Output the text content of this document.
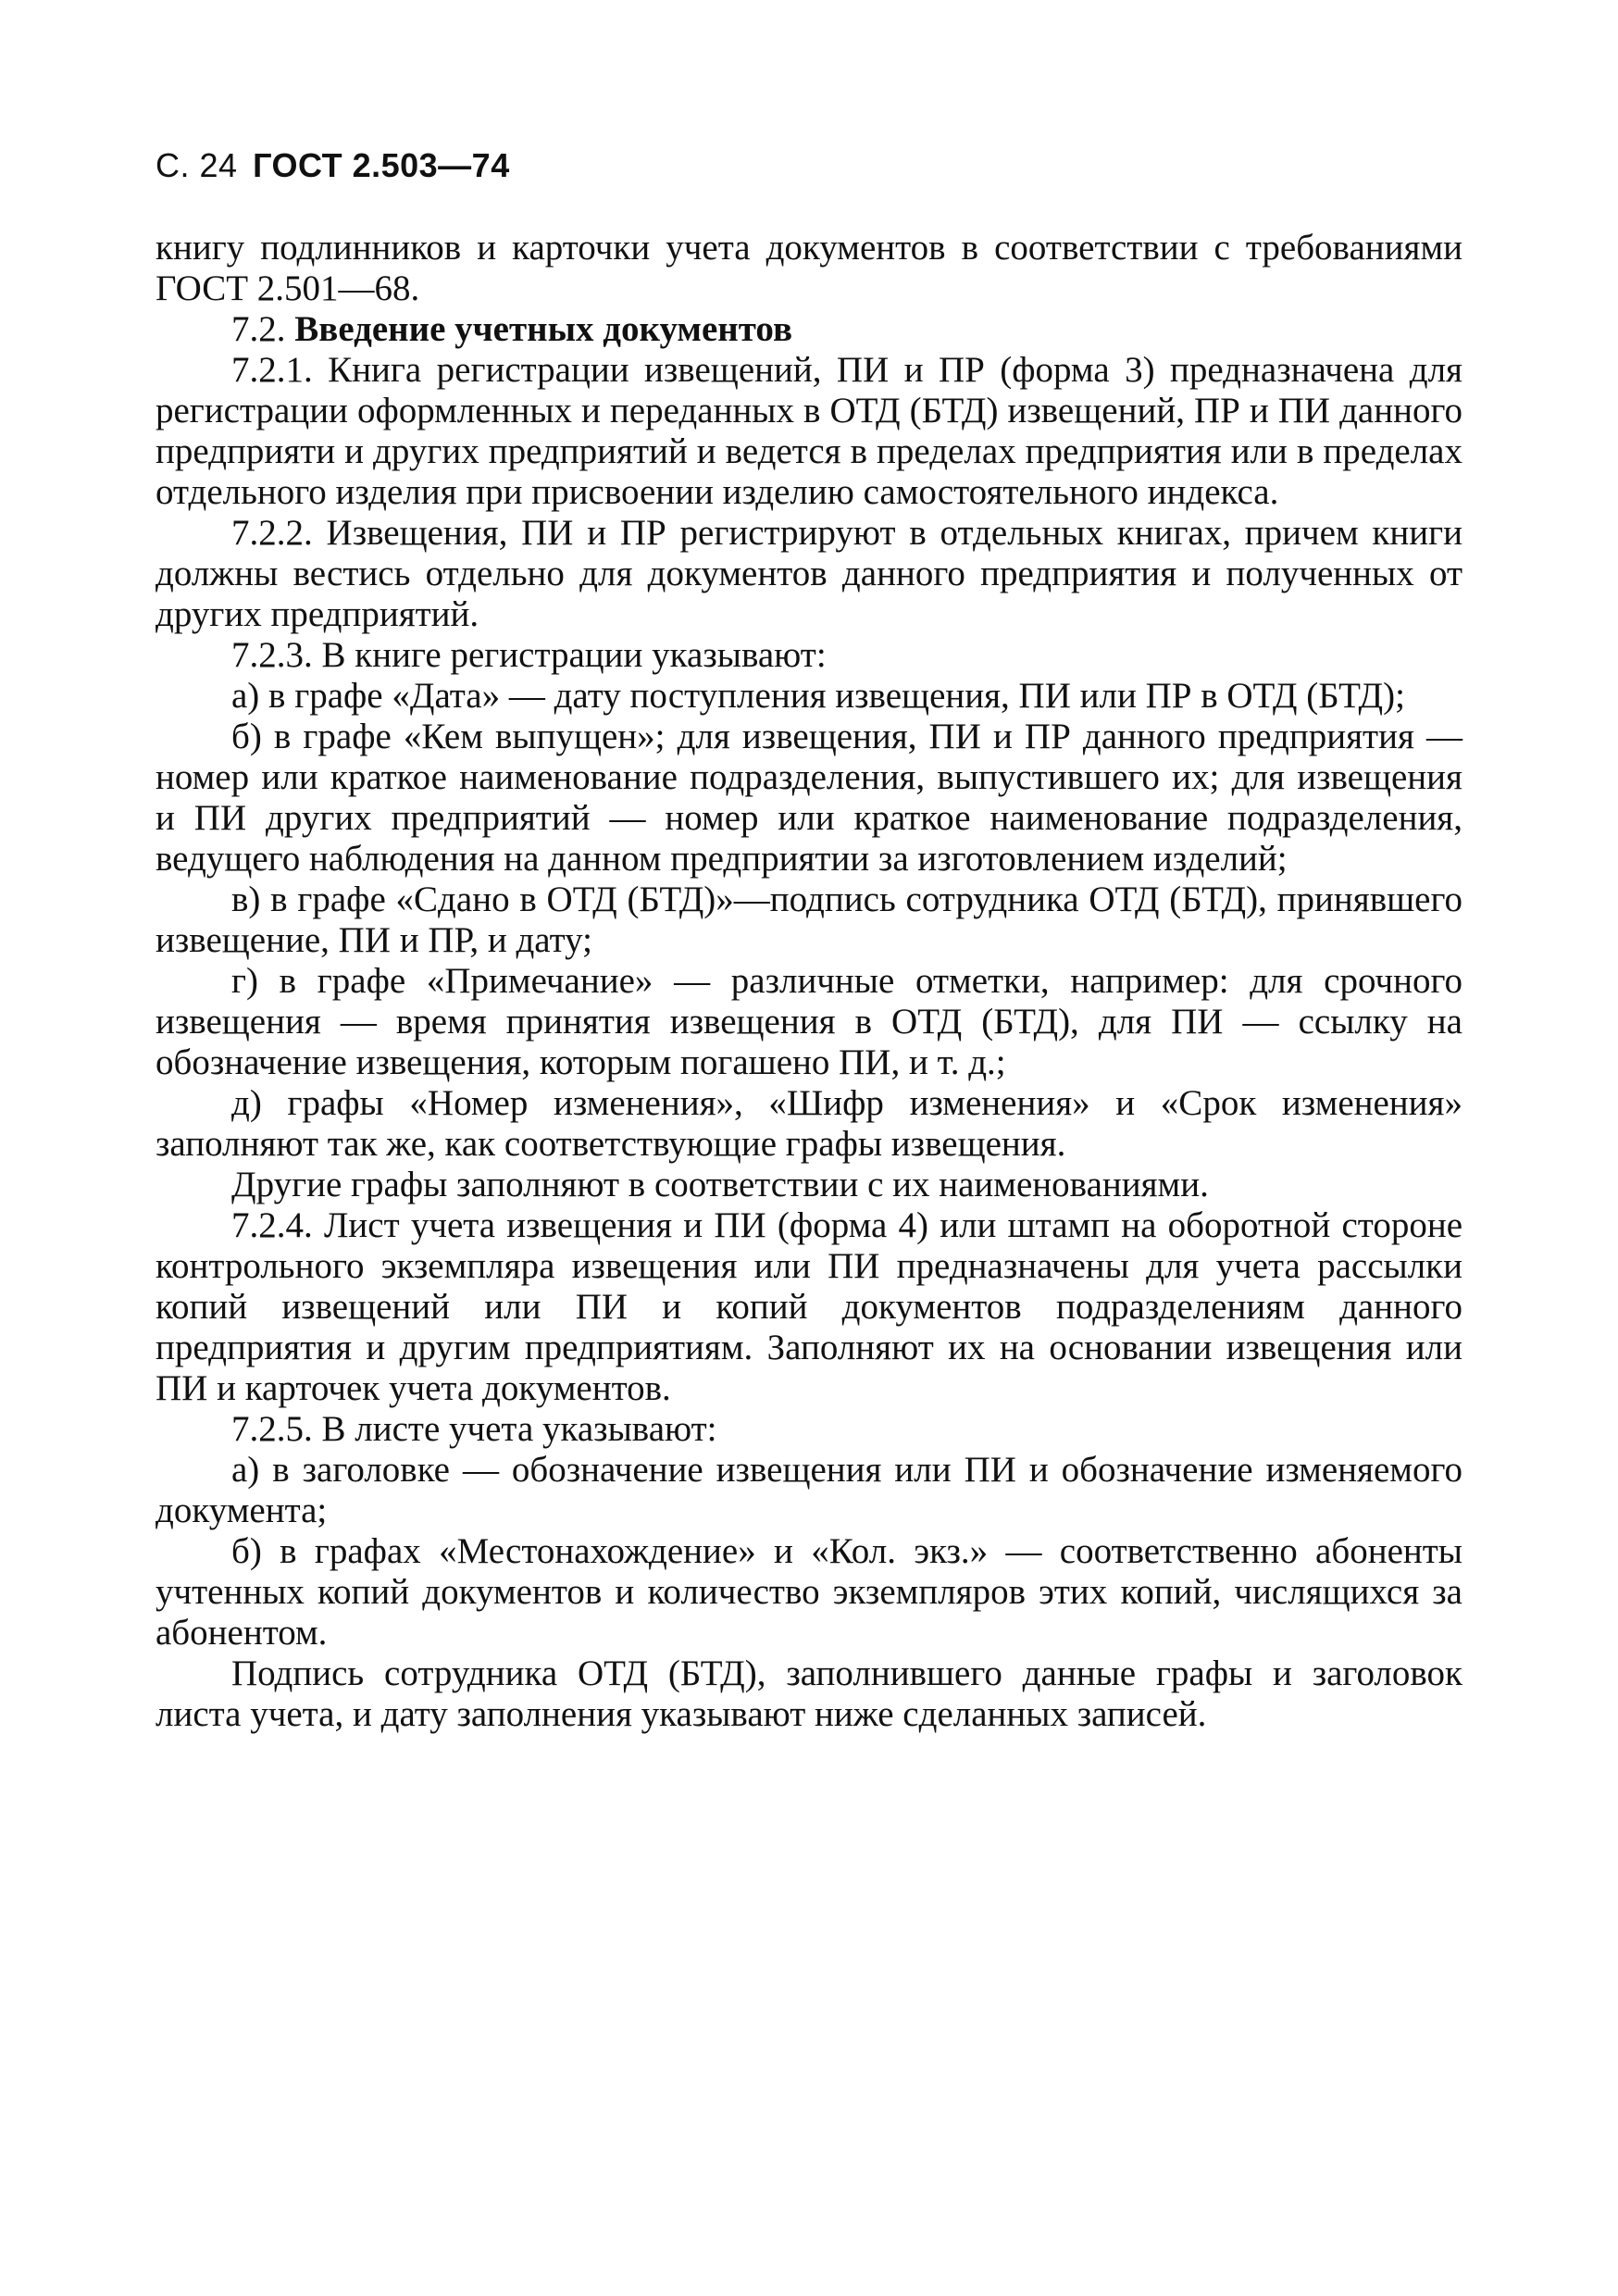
С. 24 ГОСТ 2.503—74

книгу подлинников и карточки учета документов в соответствии с требованиями ГОСТ 2.501—68.

7.2. Введение учетных документов

7.2.1. Книга регистрации извещений, ПИ и ПР (форма 3) предназначена для регистрации оформленных и переданных в ОТД (БТД) извещений, ПР и ПИ данного предприяти и других предприятий и ведется в пределах предприятия или в пределах отдельного изделия при присвоении изделию самостоятельного индекса.

7.2.2. Извещения, ПИ и ПР регистрируют в отдельных книгах, причем книги должны вестись отдельно для документов данного предприятия и полученных от других предприятий.

7.2.3. В книге регистрации указывают:

а) в графе «Дата» — дату поступления извещения, ПИ или ПР в ОТД (БТД);

б) в графе «Кем выпущен»; для извещения, ПИ и ПР данного предприятия — номер или краткое наименование подразделения, выпустившего их; для извещения и ПИ других предприятий — номер или краткое наименование подразделения, ведущего наблюдения на данном предприятии за изготовлением изделий;

в) в графе «Сдано в ОТД (БТД)»—подпись сотрудника ОТД (БТД), принявшего извещение, ПИ и ПР, и дату;

г) в графе «Примечание» — различные отметки, например: для срочного извещения — время принятия извещения в ОТД (БТД), для ПИ — ссылку на обозначение извещения, которым погашено ПИ, и т. д.;

д) графы «Номер изменения», «Шифр изменения» и «Срок изменения» заполняют так же, как соответствующие графы извещения.

Другие графы заполняют в соответствии с их наименованиями.

7.2.4. Лист учета извещения и ПИ (форма 4) или штамп на оборотной стороне контрольного экземпляра извещения или ПИ предназначены для учета рассылки копий извещений или ПИ и копий документов подразделениям данного предприятия и другим предприятиям. Заполняют их на основании извещения или ПИ и карточек учета документов.

7.2.5. В листе учета указывают:

а) в заголовке — обозначение извещения или ПИ и обозначение изменяемого документа;

б) в графах «Местонахождение» и «Кол. экз.» — соответственно абоненты учтенных копий документов и количество экземпляров этих копий, числящихся за абонентом.

Подпись сотрудника ОТД (БТД), заполнившего данные графы и заголовок листа учета, и дату заполнения указывают ниже сделанных записей.
